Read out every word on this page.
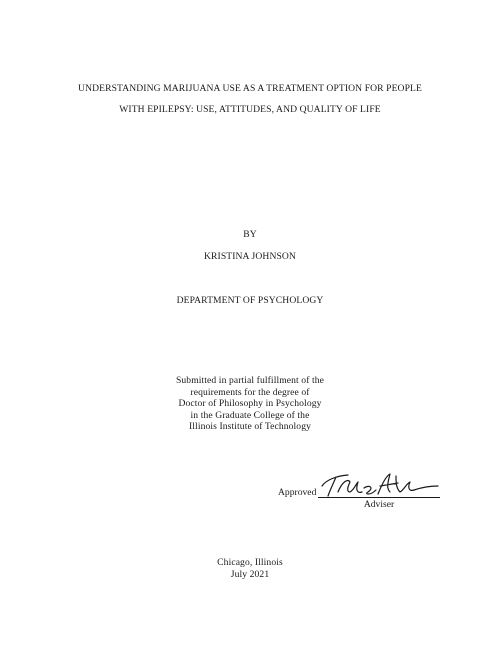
UNDERSTANDING MARIJUANA USE AS A TREATMENT OPTION FOR PEOPLE
WITH EPILEPSY: USE, ATTITUDES, AND QUALITY OF LIFE
BY
KRISTINA JOHNSON
DEPARTMENT OF PSYCHOLOGY
Submitted in partial fulfillment of the
requirements for the degree of
Doctor of Philosophy in Psychology
in the Graduate College of the
Illinois Institute of Technology
Approved
Adviser
Chicago, Illinois
July 2021
